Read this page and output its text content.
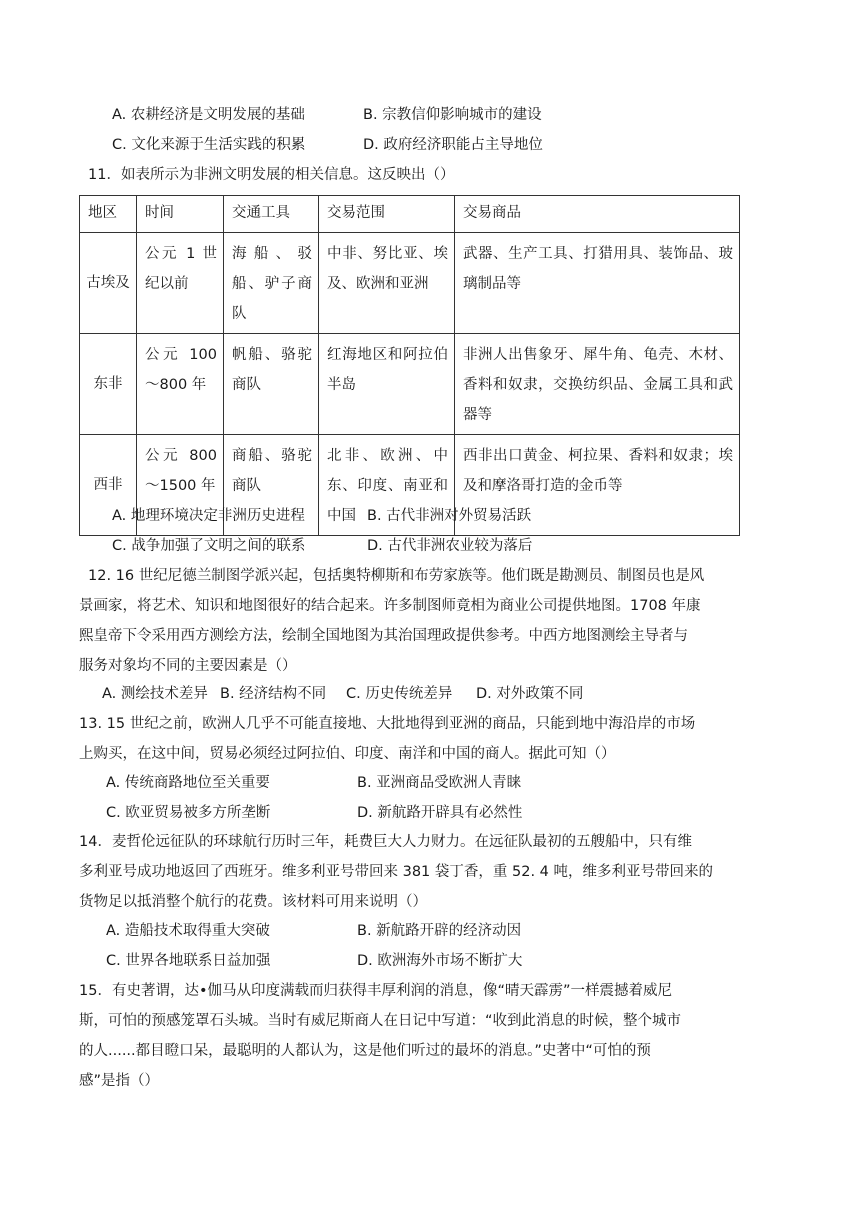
A. 农耕经济是文明发展的基础	B. 宗教信仰影响城市的建设
C. 文化来源于生活实践的积累	D. 政府经济职能占主导地位
11．如表所示为非洲文明发展的相关信息。这反映出（）
地区	时间	交通工具	交易范围	交易商品
古埃及	公元 1 世纪以前	海船、驳船、驴子商队	中非、努比亚、埃及、欧洲和亚洲	武器、生产工具、打猎用具、装饰品、玻璃制品等
东非	公元 100～800 年	帆船、骆驼商队	红海地区和阿拉伯半岛	非洲人出售象牙、犀牛角、龟壳、木材、香料和奴隶，交换纺织品、金属工具和武器等
西非	公元 800～1500 年	商船、骆驼商队	北非、欧洲、中东、印度、南亚和中国	西非出口黄金、柯拉果、香料和奴隶；埃及和摩洛哥打造的金币等
A. 地理环境决定非洲历史进程	B. 古代非洲对外贸易活跃
C. 战争加强了文明之间的联系	D. 古代非洲农业较为落后
12. 16 世纪尼德兰制图学派兴起，包括奥特柳斯和布劳家族等。他们既是勘测员、制图员也是风
景画家，将艺术、知识和地图很好的结合起来。许多制图师竟相为商业公司提供地图。1708 年康
熙皇帝下令采用西方测绘方法，绘制全国地图为其治国理政提供参考。中西方地图测绘主导者与
服务对象均不同的主要因素是（）
A. 测绘技术差异 B. 经济结构不同 C. 历史传统差异 D. 对外政策不同
13. 15 世纪之前，欧洲人几乎不可能直接地、大批地得到亚洲的商品，只能到地中海沿岸的市场
上购买，在这中间，贸易必须经过阿拉伯、印度、南洋和中国的商人。据此可知（）
A. 传统商路地位至关重要	B. 亚洲商品受欧洲人青睐
C. 欧亚贸易被多方所垄断	D. 新航路开辟具有必然性
14．麦哲伦远征队的环球航行历时三年，耗费巨大人力财力。在远征队最初的五艘船中，只有维
多利亚号成功地返回了西班牙。维多利亚号带回来 381 袋丁香，重 52. 4 吨，维多利亚号带回来的
货物足以抵消整个航行的花费。该材料可用来说明（）
A. 造船技术取得重大突破	B. 新航路开辟的经济动因
C. 世界各地联系日益加强	D. 欧洲海外市场不断扩大
15．有史著谓，达•伽马从印度满载而归获得丰厚利润的消息，像“晴天霹雳”一样震撼着威尼
斯，可怕的预感笼罩石头城。当时有威尼斯商人在日记中写道：“收到此消息的时候，整个城市
的人......都目瞪口呆，最聪明的人都认为，这是他们听过的最坏的消息。”史著中“可怕的预
感”是指（）
